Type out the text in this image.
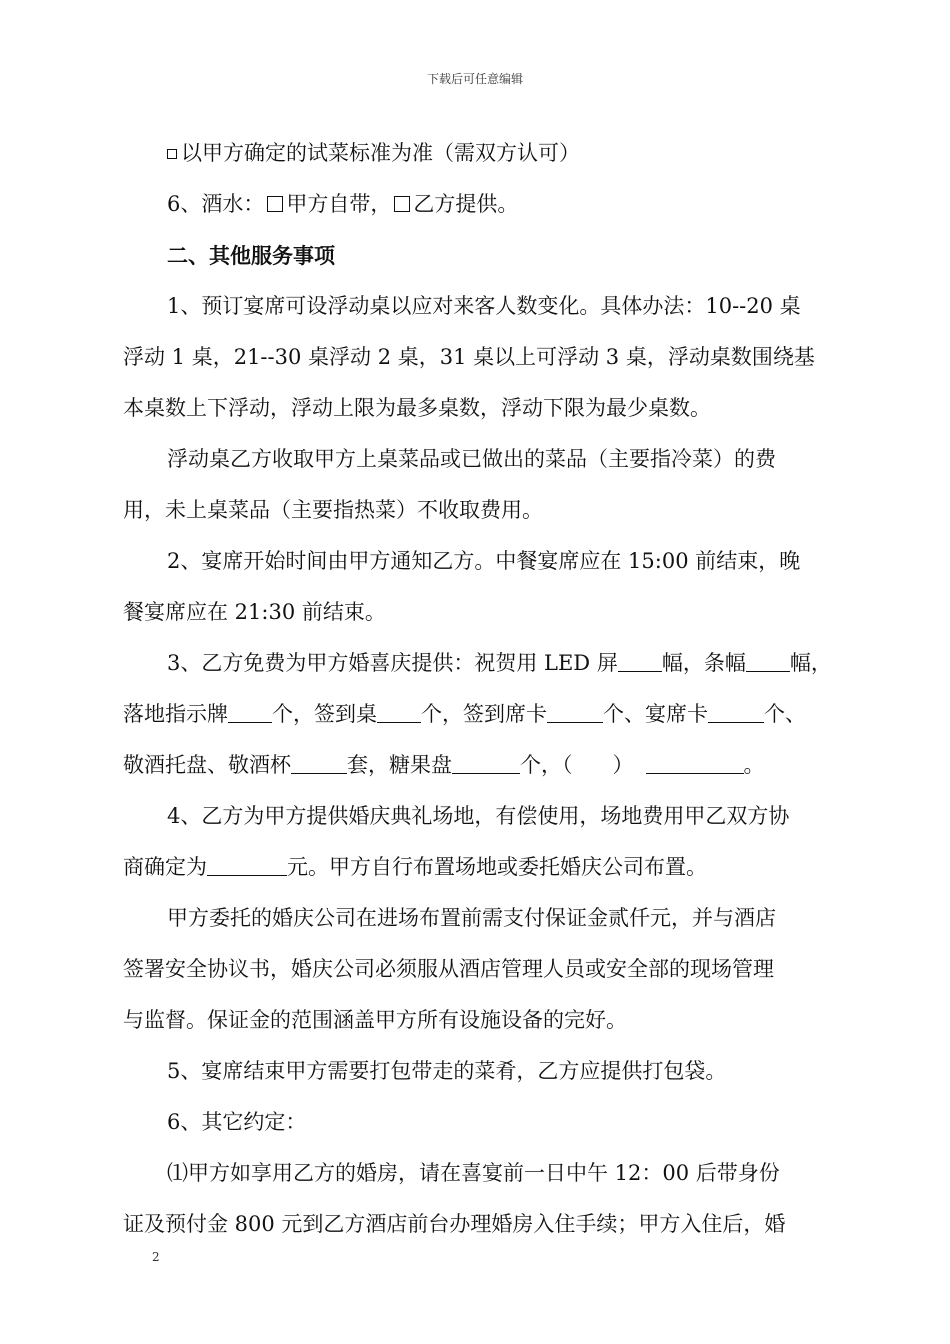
下载后可任意编辑
以甲方确定的试菜标准为准（需双方认可）
6、酒水： 甲方自带， 乙方提供。
二、其他服务事项
1、预订宴席可设浮动桌以应对来客人数变化。具体办法：10--20 桌
浮动 1 桌，21--30 桌浮动 2 桌，31 桌以上可浮动 3 桌，浮动桌数围绕基
本桌数上下浮动，浮动上限为最多桌数，浮动下限为最少桌数。
浮动桌乙方收取甲方上桌菜品或已做出的菜品（主要指冷菜）的费
用，未上桌菜品（主要指热菜）不收取费用。
2、宴席开始时间由甲方通知乙方。中餐宴席应在 15:00 前结束，晚
餐宴席应在 21:30 前结束。
3、乙方免费为甲方婚喜庆提供：祝贺用 LED 屏 幅，条幅 幅，
落地指示牌 个，签到桌 个，签到席卡	个、宴席卡	个、
敬酒托盘、敬酒杯	套，糖果盘	个，（ ）	。
4、乙方为甲方提供婚庆典礼场地，有偿使用，场地费用甲乙双方协
商确定为	元。甲方自行布置场地或委托婚庆公司布置。
甲方委托的婚庆公司在进场布置前需支付保证金贰仟元，并与酒店
签署安全协议书，婚庆公司必须服从酒店管理人员或安全部的现场管理
与监督。保证金的范围涵盖甲方所有设施设备的完好。
5、宴席结束甲方需要打包带走的菜肴，乙方应提供打包袋。
6、其它约定：
⑴甲方如享用乙方的婚房，请在喜宴前一日中午 12：00 后带身份
证及预付金 800 元到乙方酒店前台办理婚房入住手续；甲方入住后，婚
2
